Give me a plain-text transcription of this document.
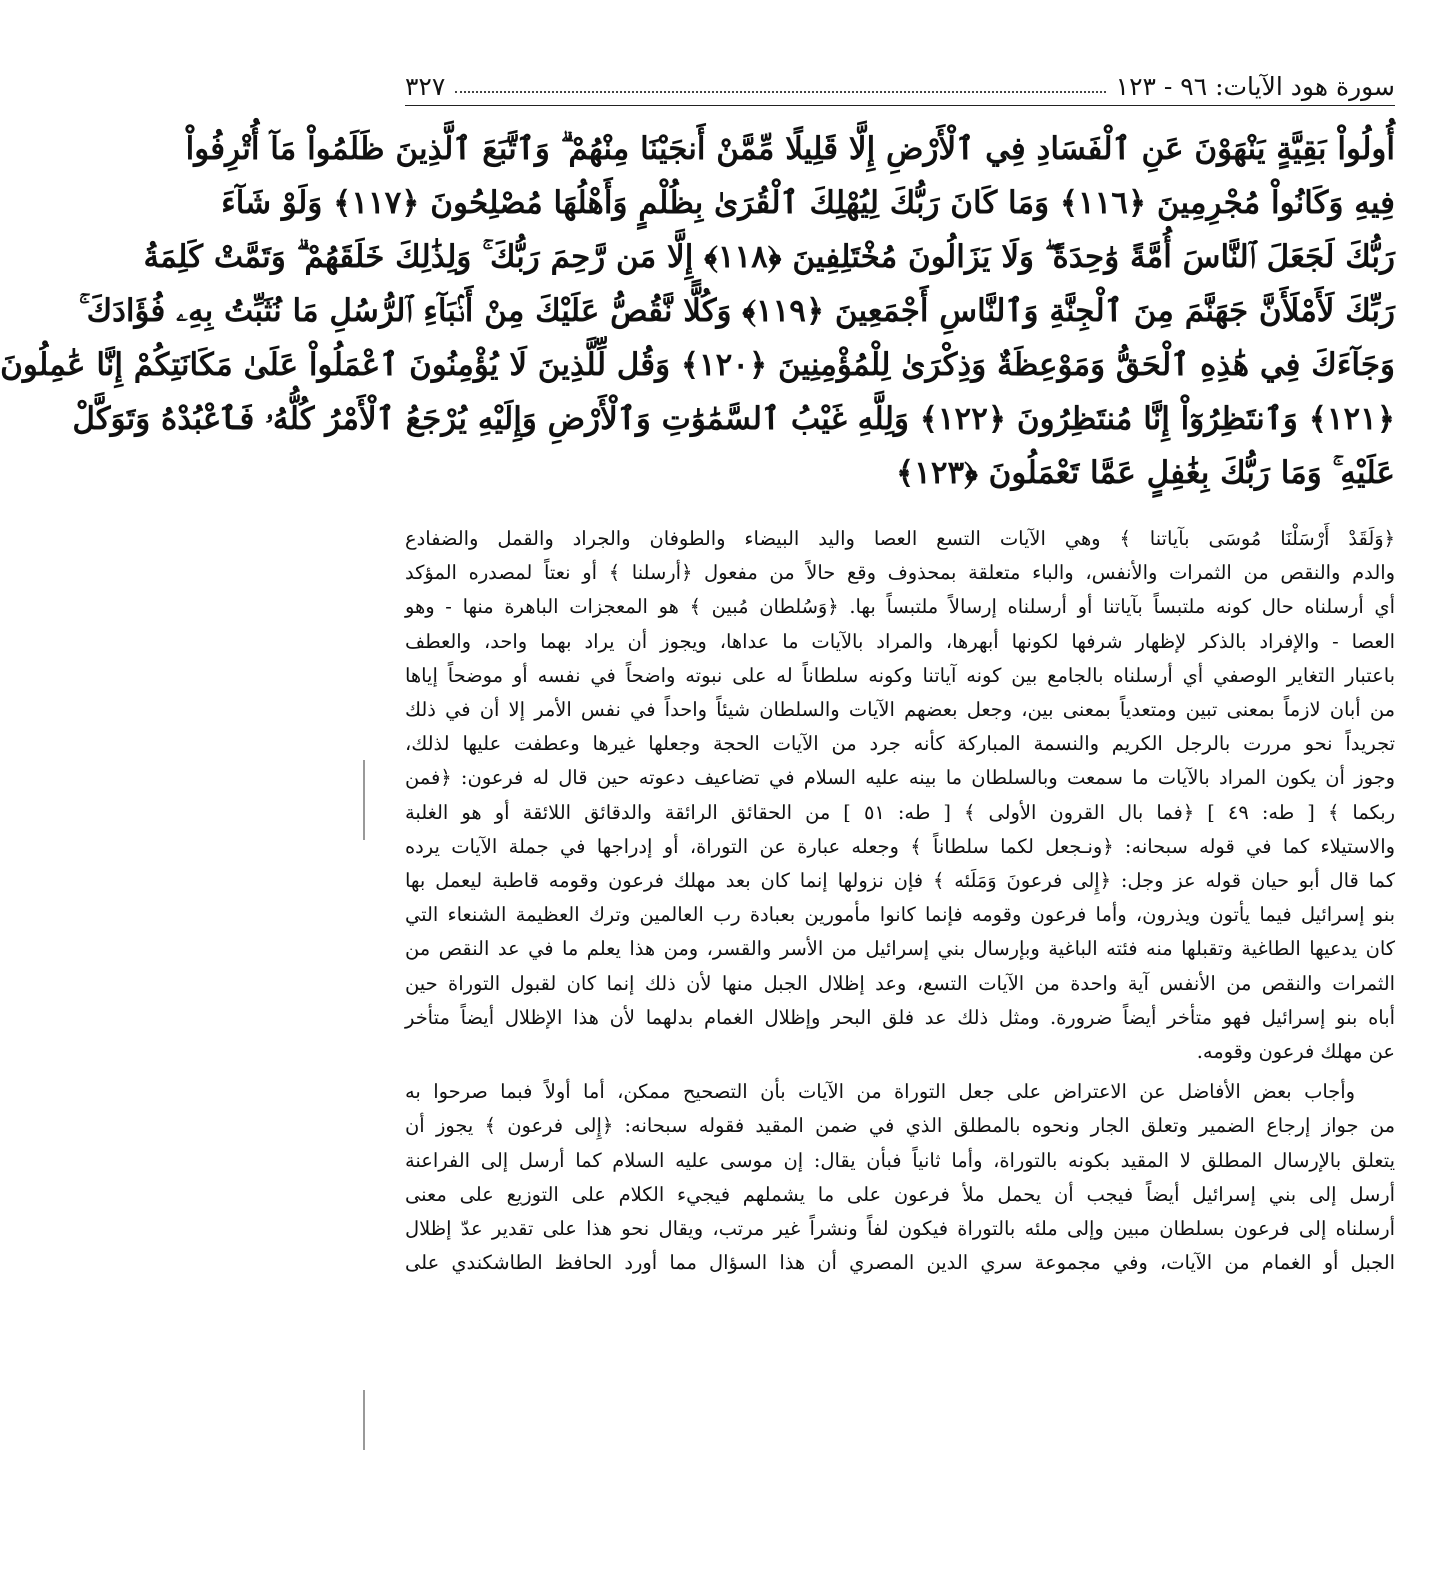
سورة هود الآيات: ٩٦ - ١٢٣
٣٢٧
أُولُواْ بَقِيَّةٍ يَنْهَوْنَ عَنِ ٱلْفَسَادِ فِي ٱلْأَرْضِ إِلَّا قَلِيلًا مِّمَّنْ أَنجَيْنَا مِنْهُمْ ۗ وَٱتَّبَعَ ٱلَّذِينَ ظَلَمُواْ مَآ أُتْرِفُواْ
فِيهِ وَكَانُواْ مُجْرِمِينَ ﴿١١٦﴾ وَمَا كَانَ رَبُّكَ لِيُهْلِكَ ٱلْقُرَىٰ بِظُلْمٍ وَأَهْلُهَا مُصْلِحُونَ ﴿١١٧﴾ وَلَوْ شَآءَ
رَبُّكَ لَجَعَلَ ٱلنَّاسَ أُمَّةً وَٰحِدَةً ۖ وَلَا يَزَالُونَ مُخْتَلِفِينَ ﴿١١٨﴾ إِلَّا مَن رَّحِمَ رَبُّكَ ۚ وَلِذَٰلِكَ خَلَقَهُمْ ۗ وَتَمَّتْ كَلِمَةُ
رَبِّكَ لَأَمْلَأَنَّ جَهَنَّمَ مِنَ ٱلْجِنَّةِ وَٱلنَّاسِ أَجْمَعِينَ ﴿١١٩﴾ وَكُلًّا نَّقُصُّ عَلَيْكَ مِنْ أَنۢبَآءِ ٱلرُّسُلِ مَا نُثَبِّتُ بِهِۦ فُؤَادَكَ ۚ
وَجَآءَكَ فِي هَٰذِهِ ٱلْحَقُّ وَمَوْعِظَةٌ وَذِكْرَىٰ لِلْمُؤْمِنِينَ ﴿١٢٠﴾ وَقُل لِّلَّذِينَ لَا يُؤْمِنُونَ ٱعْمَلُواْ عَلَىٰ مَكَانَتِكُمْ إِنَّا عَٰمِلُونَ
﴿١٢١﴾ وَٱنتَظِرُوٓاْ إِنَّا مُنتَظِرُونَ ﴿١٢٢﴾ وَلِلَّهِ غَيْبُ ٱلسَّمَٰوَٰتِ وَٱلْأَرْضِ وَإِلَيْهِ يُرْجَعُ ٱلْأَمْرُ كُلُّهُۥ فَٱعْبُدْهُ وَتَوَكَّلْ
عَلَيْهِ ۚ وَمَا رَبُّكَ بِغَٰفِلٍ عَمَّا تَعْمَلُونَ ﴿١٢٣﴾

﴿وَلَقَدْ أَرْسَلْنَا مُوسَى بآياتنا ﴾ وهي الآيات التسع العصا واليد البيضاء والطوفان والجراد والقمل والضفادع
والدم والنقص من الثمرات والأنفس، والباء متعلقة بمحذوف وقع حالاً من مفعول ﴿أرسلنا ﴾ أو نعتاً لمصدره المؤكد
أي أرسلناه حال كونه ملتبساً بآياتنا أو أرسلناه إرسالاً ملتبساً بها. ﴿وَسُلطان مُبين ﴾ هو المعجزات الباهرة منها - وهو
العصا - والإفراد بالذكر لإظهار شرفها لكونها أبهرها، والمراد بالآيات ما عداها، ويجوز أن يراد بهما واحد، والعطف
باعتبار التغاير الوصفي أي أرسلناه بالجامع بين كونه آياتنا وكونه سلطاناً له على نبوته واضحاً في نفسه أو موضحاً إياها
من أبان لازماً بمعنى تبين ومتعدياً بمعنى بين، وجعل بعضهم الآيات والسلطان شيئاً واحداً في نفس الأمر إلا أن في ذلك
تجريداً نحو مررت بالرجل الكريم والنسمة المباركة كأنه جرد من الآيات الحجة وجعلها غيرها وعطفت عليها لذلك،
وجوز أن يكون المراد بالآيات ما سمعت وبالسلطان ما بينه عليه السلام في تضاعيف دعوته حين قال له فرعون: ﴿فمن
ربكما ﴾ [ طه: ٤٩ ] ﴿فما بال القرون الأولى ﴾ [ طه: ٥١ ] من الحقائق الرائقة والدقائق اللائقة أو هو الغلبة
والاستيلاء كما في قوله سبحانه: ﴿ونـجعل لكما سلطاناً ﴾ وجعله عبارة عن التوراة، أو إدراجها في جملة الآيات يرده
كما قال أبو حيان قوله عز وجل: ﴿إِلى فرعونَ وَمَلَئه ﴾ فإن نزولها إنما كان بعد مهلك فرعون وقومه قاطبة ليعمل بها
بنو إسرائيل فيما يأتون ويذرون، وأما فرعون وقومه فإنما كانوا مأمورين بعبادة رب العالمين وترك العظيمة الشنعاء التي
كان يدعيها الطاغية وتقبلها منه فئته الباغية وبإرسال بني إسرائيل من الأسر والقسر، ومن هذا يعلم ما في عد النقص من
الثمرات والنقص من الأنفس آية واحدة من الآيات التسع، وعد إظلال الجبل منها لأن ذلك إنما كان لقبول التوراة حين
أباه بنو إسرائيل فهو متأخر أيضاً ضرورة. ومثل ذلك عد فلق البحر وإظلال الغمام بدلهما لأن هذا الإظلال أيضاً متأخر
عن مهلك فرعون وقومه.

وأجاب بعض الأفاضل عن الاعتراض على جعل التوراة من الآيات بأن التصحيح ممكن، أما أولاً فبما صرحوا به
من جواز إرجاع الضمير وتعلق الجار ونحوه بالمطلق الذي في ضمن المقيد فقوله سبحانه: ﴿إِلى فرعون ﴾ يجوز أن
يتعلق بالإرسال المطلق لا المقيد بكونه بالتوراة، وأما ثانياً فبأن يقال: إن موسى عليه السلام كما أرسل إلى الفراعنة
أرسل إلى بني إسرائيل أيضاً فيجب أن يحمل ملأ فرعون على ما يشملهم فيجيء الكلام على التوزيع على معنى
أرسلناه إلى فرعون بسلطان مبين وإلى ملئه بالتوراة فيكون لفاً ونشراً غير مرتب، ويقال نحو هذا على تقدير عدّ إظلال
الجبل أو الغمام من الآيات، وفي مجموعة سري الدين المصري أن هذا السؤال مما أورد الحافظ الطاشكندي على
